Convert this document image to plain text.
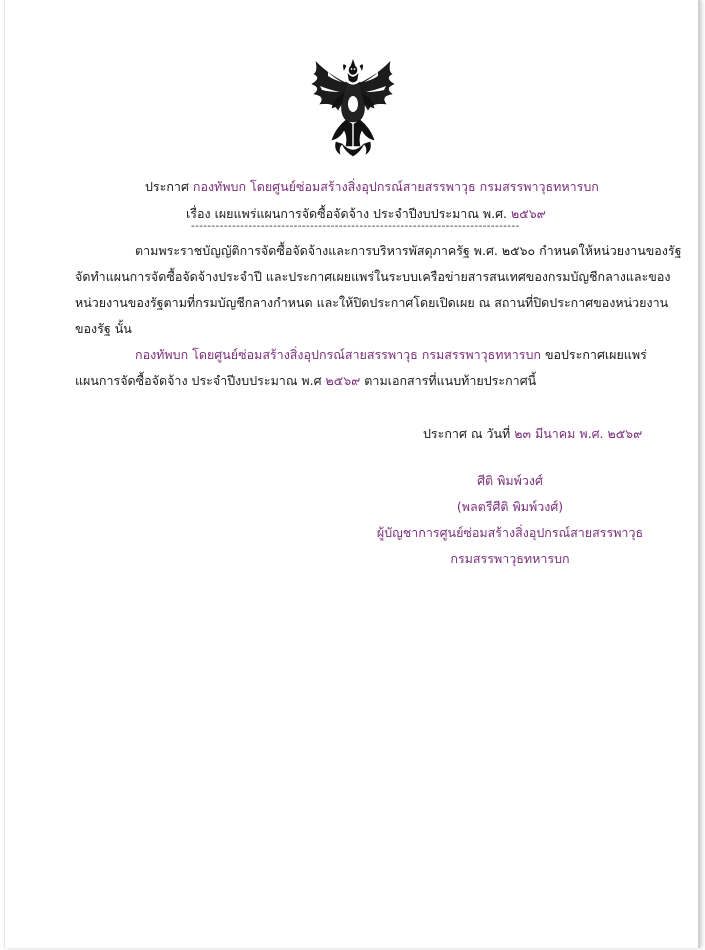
ประกาศ กองทัพบก โดยศูนย์ซ่อมสร้างสิ่งอุปกรณ์สายสรรพาวุธ กรมสรรพาวุธทหารบก
เรื่อง เผยแพร่แผนการจัดซื้อจัดจ้าง ประจำปีงบประมาณ พ.ศ. ๒๕๖๙
--------------------------------------------------------------------------------
ตามพระราชบัญญัติการจัดซื้อจัดจ้างและการบริหารพัสดุภาครัฐ พ.ศ. ๒๕๖๐ กำหนดให้หน่วยงานของรัฐ
จัดทำแผนการจัดซื้อจัดจ้างประจำปี และประกาศเผยแพร่ในระบบเครือข่ายสารสนเทศของกรมบัญชีกลางและของ
หน่วยงานของรัฐตามที่กรมบัญชีกลางกำหนด และให้ปิดประกาศโดยเปิดเผย ณ สถานที่ปิดประกาศของหน่วยงาน
ของรัฐ นั้น
กองทัพบก โดยศูนย์ซ่อมสร้างสิ่งอุปกรณ์สายสรรพาวุธ กรมสรรพาวุธทหารบก ขอประกาศเผยแพร่
แผนการจัดซื้อจัดจ้าง ประจำปีงบประมาณ พ.ศ ๒๕๖๙ ตามเอกสารที่แนบท้ายประกาศนี้
ประกาศ ณ วันที่ ๒๓ มีนาคม พ.ศ. ๒๕๖๙
ศีติ พิมพ์วงศ์
(พลตรีศีติ พิมพ์วงศ์)
ผู้บัญชาการศูนย์ซ่อมสร้างสิ่งอุปกรณ์สายสรรพาวุธ
กรมสรรพาวุธทหารบก
